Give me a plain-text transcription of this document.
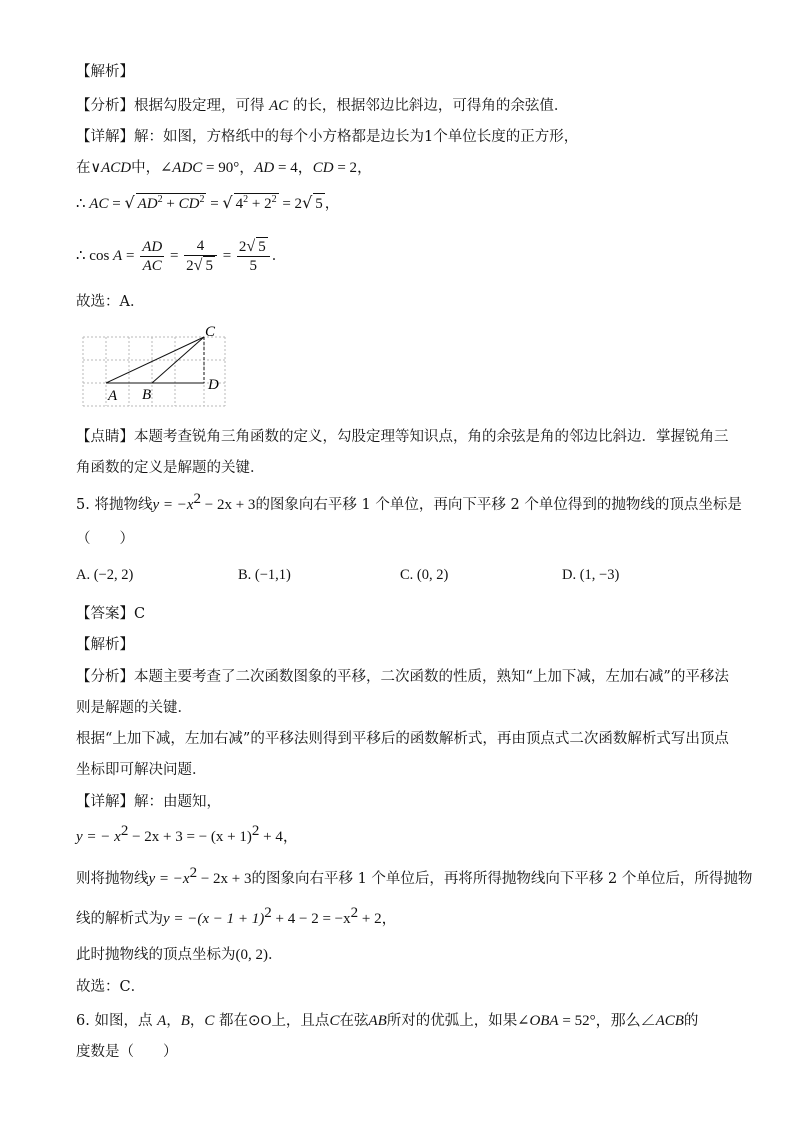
【解析】
【分析】根据勾股定理，可得 AC 的长，根据邻边比斜边，可得角的余弦值．
【详解】解：如图，方格纸中的每个小方格都是边长为1个单位长度的正方形，
在∨ACD中，∠ADC = 90°，AD = 4，CD = 2，
∴ AC = √ $AD^2 + CD^2$ = √ $4^2 + 2^2 = 2√$ 5 ，
∴ $\cos A = \frac{AD}{AC} = \frac{4}{2√ 5} = \frac{2√ 5}{5}$ ．
故选：A．
C
D
A B
【点睛】本题考查锐角三角函数的定义，勾股定理等知识点，角的余弦是角的邻边比斜边．掌握锐角三
角函数的定义是解题的关键．
5. 将抛物线$y = -x^2 - 2x + 3$的图象向右平移 1 个单位，再向下平移 2 个单位得到的抛物线的顶点坐标是
（　　）
A. (−2, 2)	B. (−1,1)	C. (0, 2)	D. (1, −3)
【答案】C
【解析】
【分析】本题主要考查了二次函数图象的平移，二次函数的性质，熟知“上加下减，左加右减”的平移法
则是解题的关键．
根据“上加下减，左加右减”的平移法则得到平移后的函数解析式，再由顶点式二次函数解析式写出顶点
坐标即可解决问题．
【详解】解：由题知，
y = − $x^2 - 2x + 3$ = − $(x + 1)^2 + 4$，
则将抛物线$y = -x^2 - 2x + 3$的图象向右平移 1 个单位后，再将所得抛物线向下平移 2 个单位后，所得抛物
线的解析式为$y = -(x - 1 + 1)^2 + 4 - 2 = -x^2 + 2$，
此时抛物线的顶点坐标为(0, 2)．
故选：C．
6. 如图，点 A，B，C 都在⊙O上，且点C在弦AB所对的优弧上，如果∠OBA = 52°，那么∠ACB的
度数是（　　）
